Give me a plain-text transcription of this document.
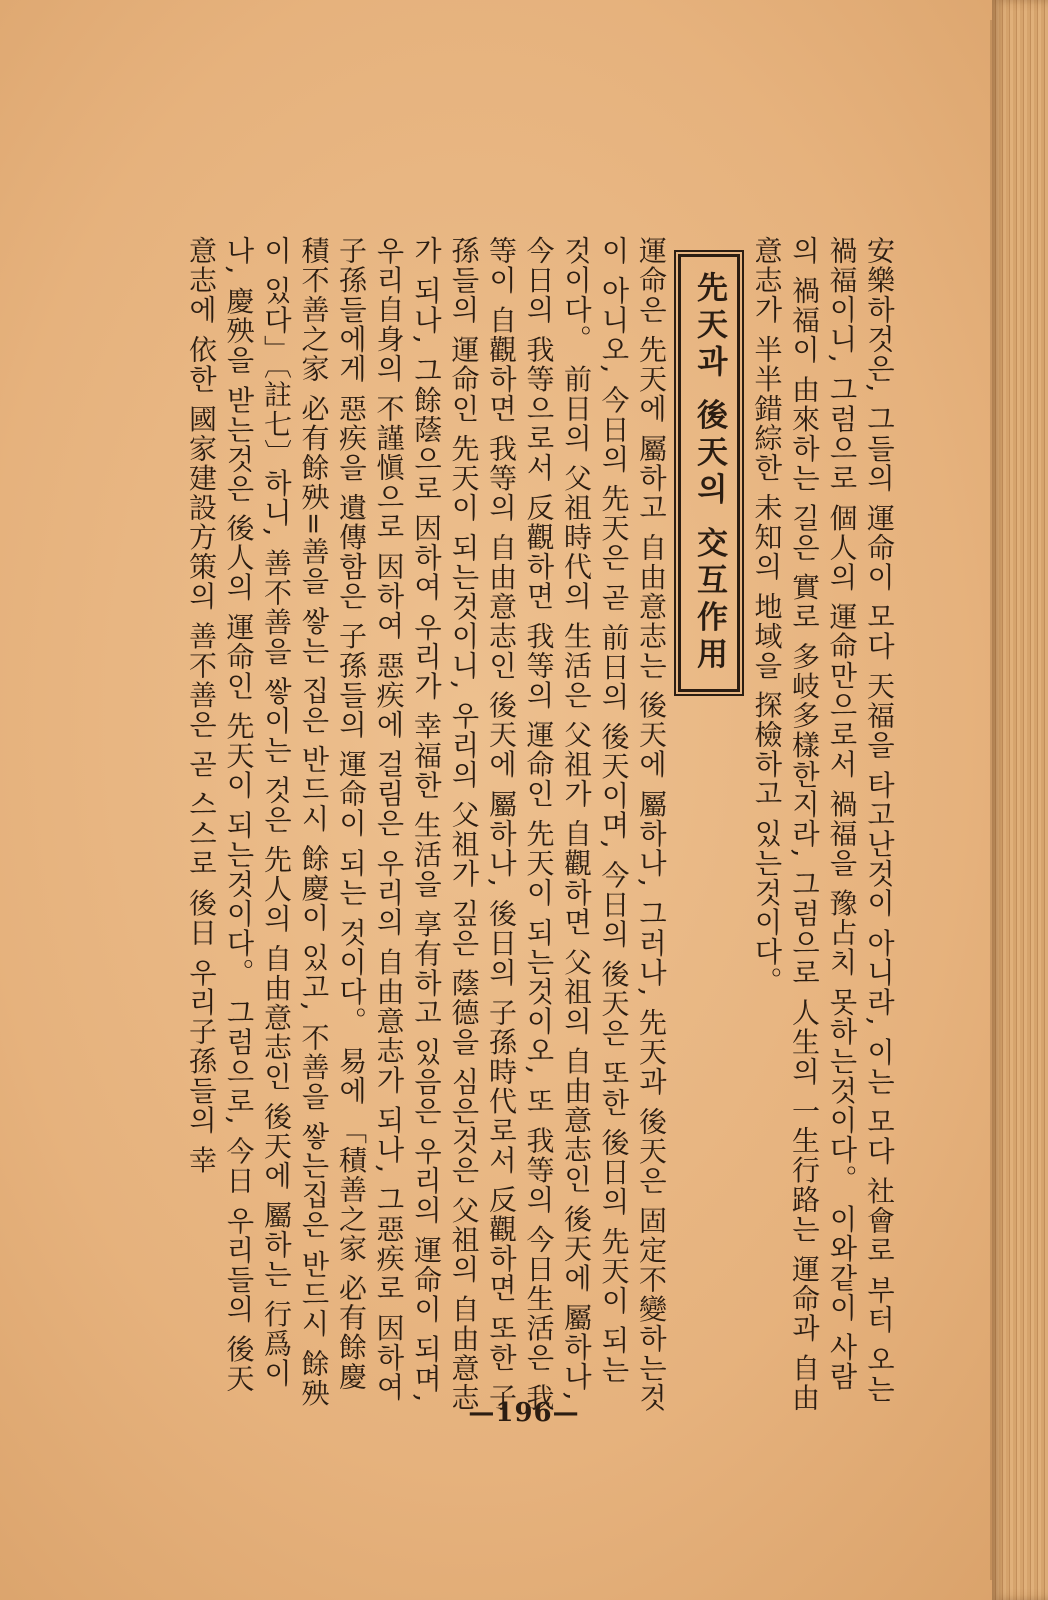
安樂하것은, 그들의 運命이 모다 天福을 타고난것이 아니라, 이는 모다 社會로 부터 오는 禍福이니, 그럼으로 個人의 運命만으로서 禍福을 豫占치 못하는것이다。 이와같이 사람의 禍福이 由來하는 길은 實로 多岐多樣한지라, 그럼으로 人生의 一生行路는 運命과 自由意志가 半半錯綜한 未知의 地域을 探檢하고 있는것이다。
先天과 後天의 交互作用
運命은 先天에 屬하고 自由意志는 後天에 屬하나, 그러나, 先天과 後天은 固定不變하는것이 아니오, 今日의 先天은 곧 前日의 後天이며, 今日의 後天은 또한 後日의 先天이 되는 것이다。 前日의 父祖時代의 生活은 父祖가 自觀하면 父祖의 自由意志인 後天에 屬하나, 今日의 我等으로서 反觀하면 我等의 運命인 先天이 되는것이오, 또 我等의 今日生活은 我等이 自觀하면 我等의 自由意志인 後天에 屬하나, 後日의 子孫時代로서 反觀하면 또한 子孫들의 運命인 先天이 되는것이니, 우리의 父祖가 깊은 蔭德을 심은것은 父祖의 自由意志가 되나, 그餘蔭으로 因하여 우리가 幸福한 生活을 享有하고 있음은 우리의 運命이 되며, 우리自身의 不謹愼으로 因하여 惡疾에 걸림은 우리의 自由意志가 되나, 그惡疾로 因하여 子孫들에게 惡疾을 遺傳함은 子孫들의 運命이 되는 것이다。 易에 「積善之家 必有餘慶 積不善之家 必有餘殃=善을 쌓는 집은 반드시 餘慶이 있고, 不善을 쌓는집은 반드시 餘殃이 있다」〔註七〕하니, 善不善을 쌓이는 것은 先人의 自由意志인 後天에 屬하는 行爲이나, 慶殃을 받는것은 後人의 運命인 先天이 되는것이다。 그럼으로, 今日 우리들의 後天意志에 依한 國家建設方策의 善不善은 곧 스스로 後日 우리子孫들의 幸
—196—
